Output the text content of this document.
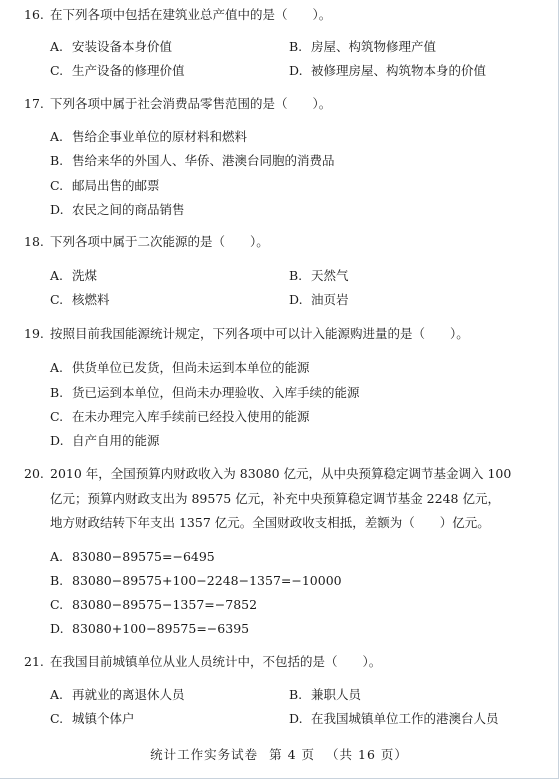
16. 在下列各项中包括在建筑业总产值中的是（　　）。
A. 安装设备本身价值	B. 房屋、构筑物修理产值
C. 生产设备的修理价值	D. 被修理房屋、构筑物本身的价值
17. 下列各项中属于社会消费品零售范围的是（　　）。
A. 售给企事业单位的原材料和燃料
B. 售给来华的外国人、华侨、港澳台同胞的消费品
C. 邮局出售的邮票
D. 农民之间的商品销售
18. 下列各项中属于二次能源的是（　　）。
A. 洗煤	B. 天然气
C. 核燃料	D. 油页岩
19. 按照目前我国能源统计规定，下列各项中可以计入能源购进量的是（　　）。
A. 供货单位已发货，但尚未运到本单位的能源
B. 货已运到本单位，但尚未办理验收、入库手续的能源
C. 在未办理完入库手续前已经投入使用的能源
D. 自产自用的能源
20. 2010 年，全国预算内财政收入为 83080 亿元，从中央预算稳定调节基金调入 100
亿元；预算内财政支出为 89575 亿元，补充中央预算稳定调节基金 2248 亿元，
地方财政结转下年支出 1357 亿元。全国财政收支相抵，差额为（　　）亿元。
A. 83080−89575=−6495
B. 83080−89575+100−2248−1357=−10000
C. 83080−89575−1357=−7852
D. 83080+100−89575=−6395
21. 在我国目前城镇单位从业人员统计中，不包括的是（　　）。
A. 再就业的离退休人员	B. 兼职人员
C. 城镇个体户	D. 在我国城镇单位工作的港澳台人员
统计工作实务试卷 第 4 页 （共 16 页）
